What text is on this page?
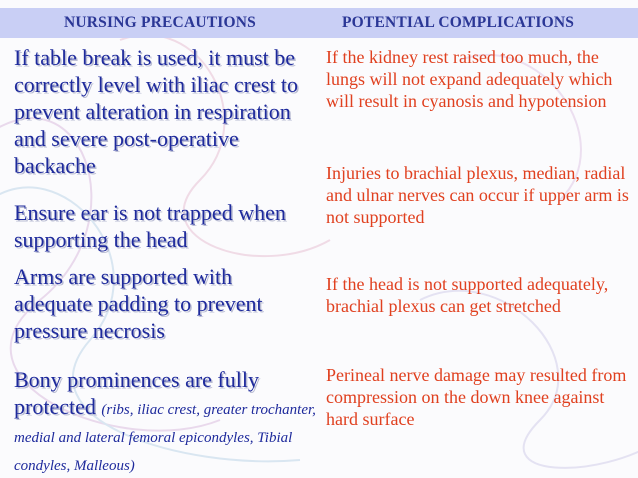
NURSING PRECAUTIONS	POTENTIAL COMPLICATIONS

If table break is used, it must be correctly level with iliac crest to prevent alteration in respiration and severe post-operative backache

Ensure ear is not trapped when supporting the head

Arms are supported with adequate padding to prevent pressure necrosis

Bony prominences are fully protected (ribs, iliac crest, greater trochanter, medial and lateral femoral epicondyles, Tibial condyles, Malleous)

If the kidney rest raised too much, the lungs will not expand adequately which will result in cyanosis and hypotension

Injuries to brachial plexus, median, radial and ulnar nerves can occur if upper arm is not supported

If the head is not supported adequately, brachial plexus can get stretched

Perineal nerve damage may resulted from compression on the down knee against hard surface
